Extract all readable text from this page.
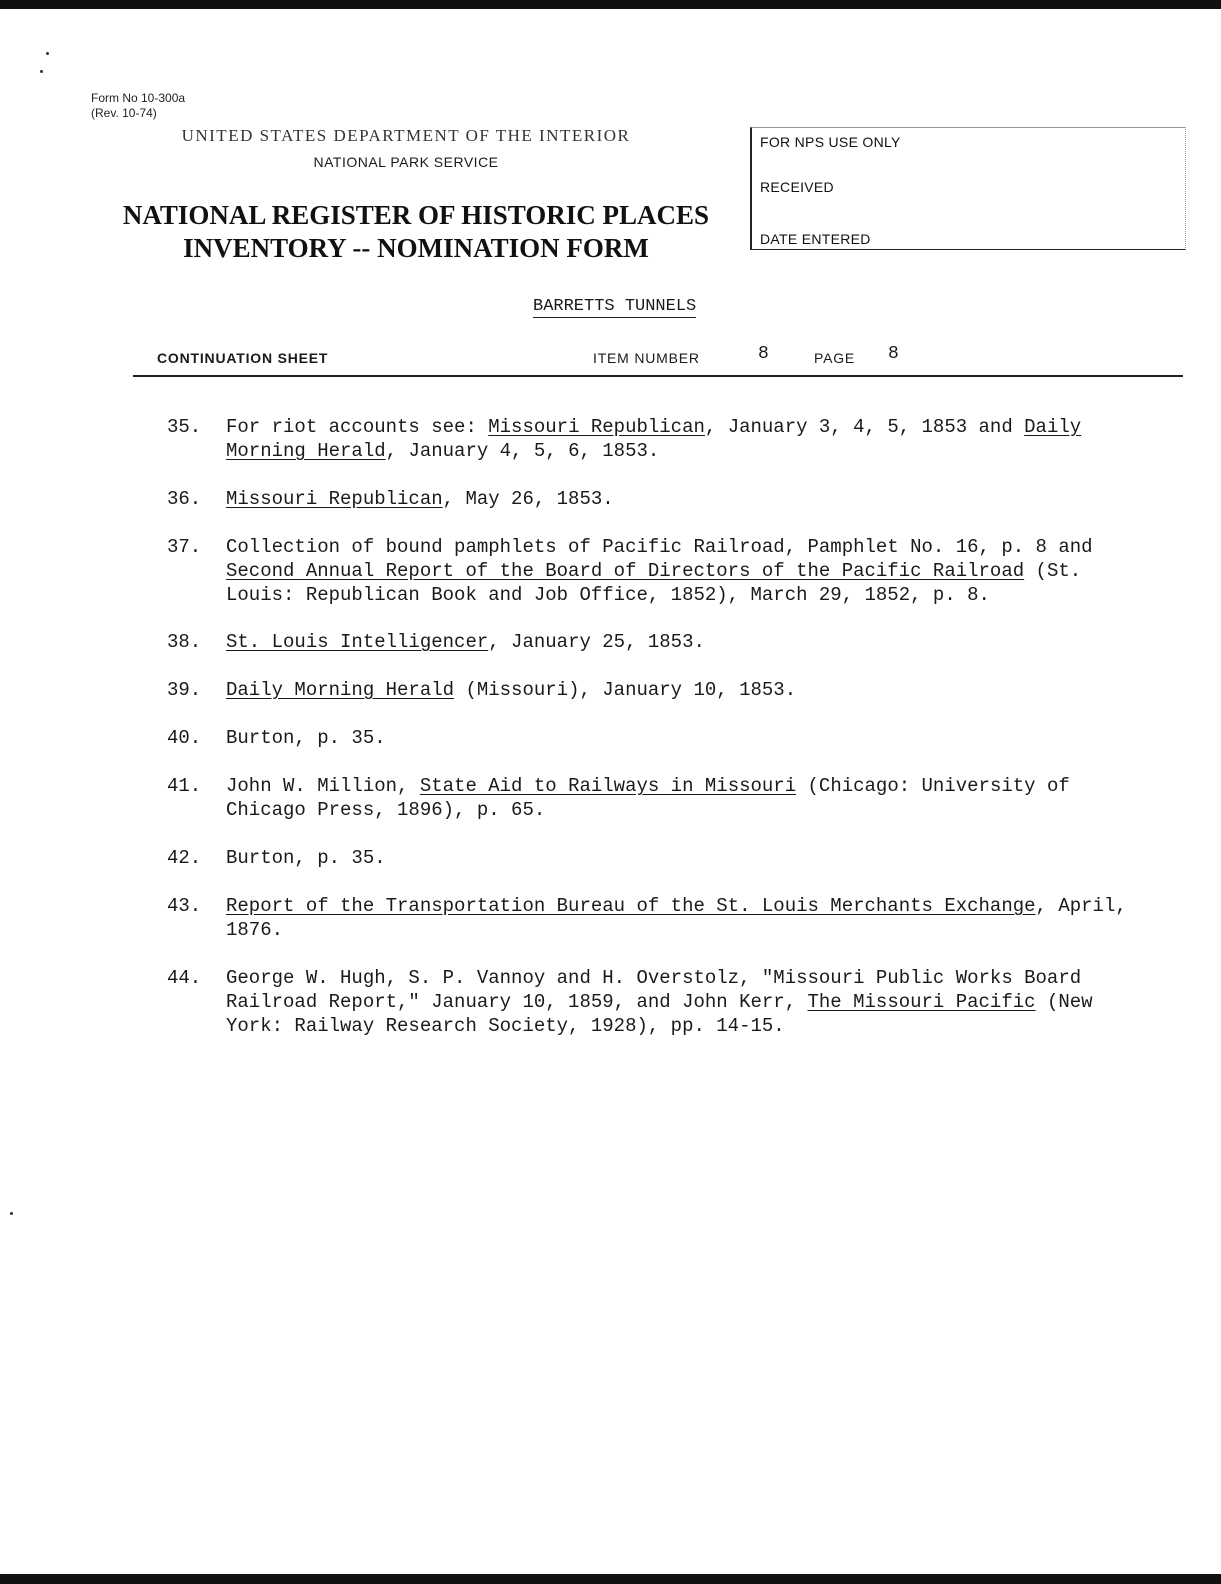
Form No 10-300a
(Rev. 10-74)
UNITED STATES DEPARTMENT OF THE INTERIOR
NATIONAL PARK SERVICE
NATIONAL REGISTER OF HISTORIC PLACES
INVENTORY -- NOMINATION FORM
FOR NPS USE ONLY
RECEIVED
DATE ENTERED
BARRETTS TUNNELS
CONTINUATION SHEET	ITEM NUMBER	8	PAGE 8
35. For riot accounts see: Missouri Republican, January 3, 4, 5, 1853 and Daily Morning Herald, January 4, 5, 6, 1853.
36. Missouri Republican, May 26, 1853.
37. Collection of bound pamphlets of Pacific Railroad, Pamphlet No. 16, p. 8 and Second Annual Report of the Board of Directors of the Pacific Railroad (St. Louis: Republican Book and Job Office, 1852), March 29, 1852, p. 8.
38. St. Louis Intelligencer, January 25, 1853.
39. Daily Morning Herald (Missouri), January 10, 1853.
40. Burton, p. 35.
41. John W. Million, State Aid to Railways in Missouri (Chicago: University of Chicago Press, 1896), p. 65.
42. Burton, p. 35.
43. Report of the Transportation Bureau of the St. Louis Merchants Exchange, April, 1876.
44. George W. Hugh, S. P. Vannoy and H. Overstolz, "Missouri Public Works Board Railroad Report," January 10, 1859, and John Kerr, The Missouri Pacific (New York: Railway Research Society, 1928), pp. 14-15.
